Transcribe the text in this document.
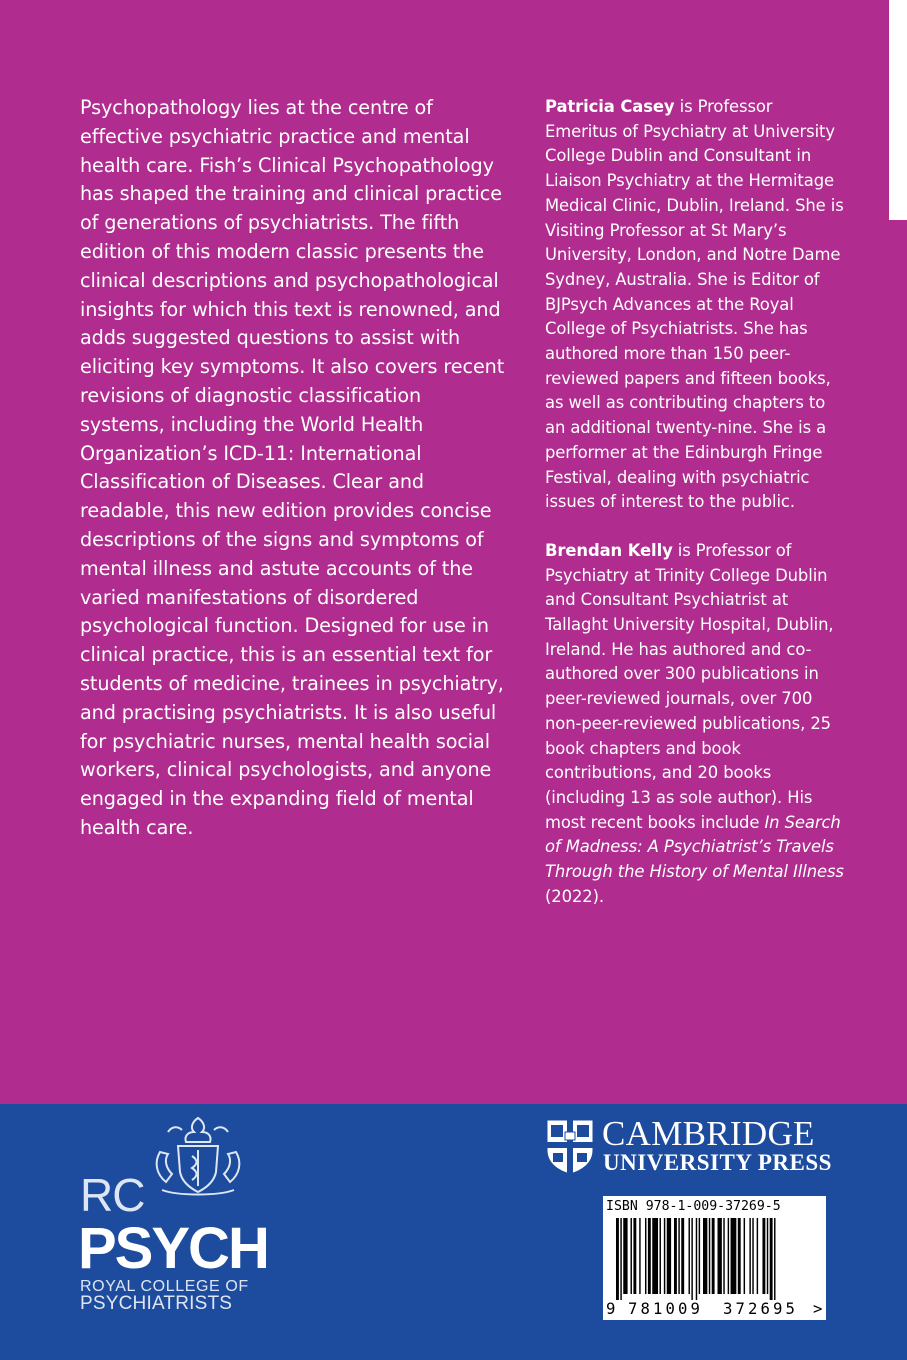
Psychopathology lies at the centre of effective psychiatric practice and mental health care. Fish’s Clinical Psychopathology has shaped the training and clinical practice of generations of psychiatrists. The fifth edition of this modern classic presents the clinical descriptions and psychopathological insights for which this text is renowned, and adds suggested questions to assist with eliciting key symptoms. It also covers recent revisions of diagnostic classification systems, including the World Health Organization’s ICD-11: International Classification of Diseases. Clear and readable, this new edition provides concise descriptions of the signs and symptoms of mental illness and astute accounts of the varied manifestations of disordered psychological function. Designed for use in clinical practice, this is an essential text for students of medicine, trainees in psychiatry, and practising psychiatrists. It is also useful for psychiatric nurses, mental health social workers, clinical psychologists, and anyone engaged in the expanding field of mental health care.

Patricia Casey is Professor Emeritus of Psychiatry at University College Dublin and Consultant in Liaison Psychiatry at the Hermitage Medical Clinic, Dublin, Ireland. She is Visiting Professor at St Mary’s University, London, and Notre Dame Sydney, Australia. She is Editor of BJPsych Advances at the Royal College of Psychiatrists. She has authored more than 150 peer-reviewed papers and fifteen books, as well as contributing chapters to an additional twenty-nine. She is a performer at the Edinburgh Fringe Festival, dealing with psychiatric issues of interest to the public.

Brendan Kelly is Professor of Psychiatry at Trinity College Dublin and Consultant Psychiatrist at Tallaght University Hospital, Dublin, Ireland. He has authored and co-authored over 300 publications in peer-reviewed journals, over 700 non-peer-reviewed publications, 25 book chapters and book contributions, and 20 books (including 13 as sole author). His most recent books include In Search of Madness: A Psychiatrist’s Travels Through the History of Mental Illness (2022).

RC
PSYCH
ROYAL COLLEGE OF
PSYCHIATRISTS
CAMBRIDGE
UNIVERSITY PRESS
ISBN 978-1-009-37269-5
9 781009 372695 >
